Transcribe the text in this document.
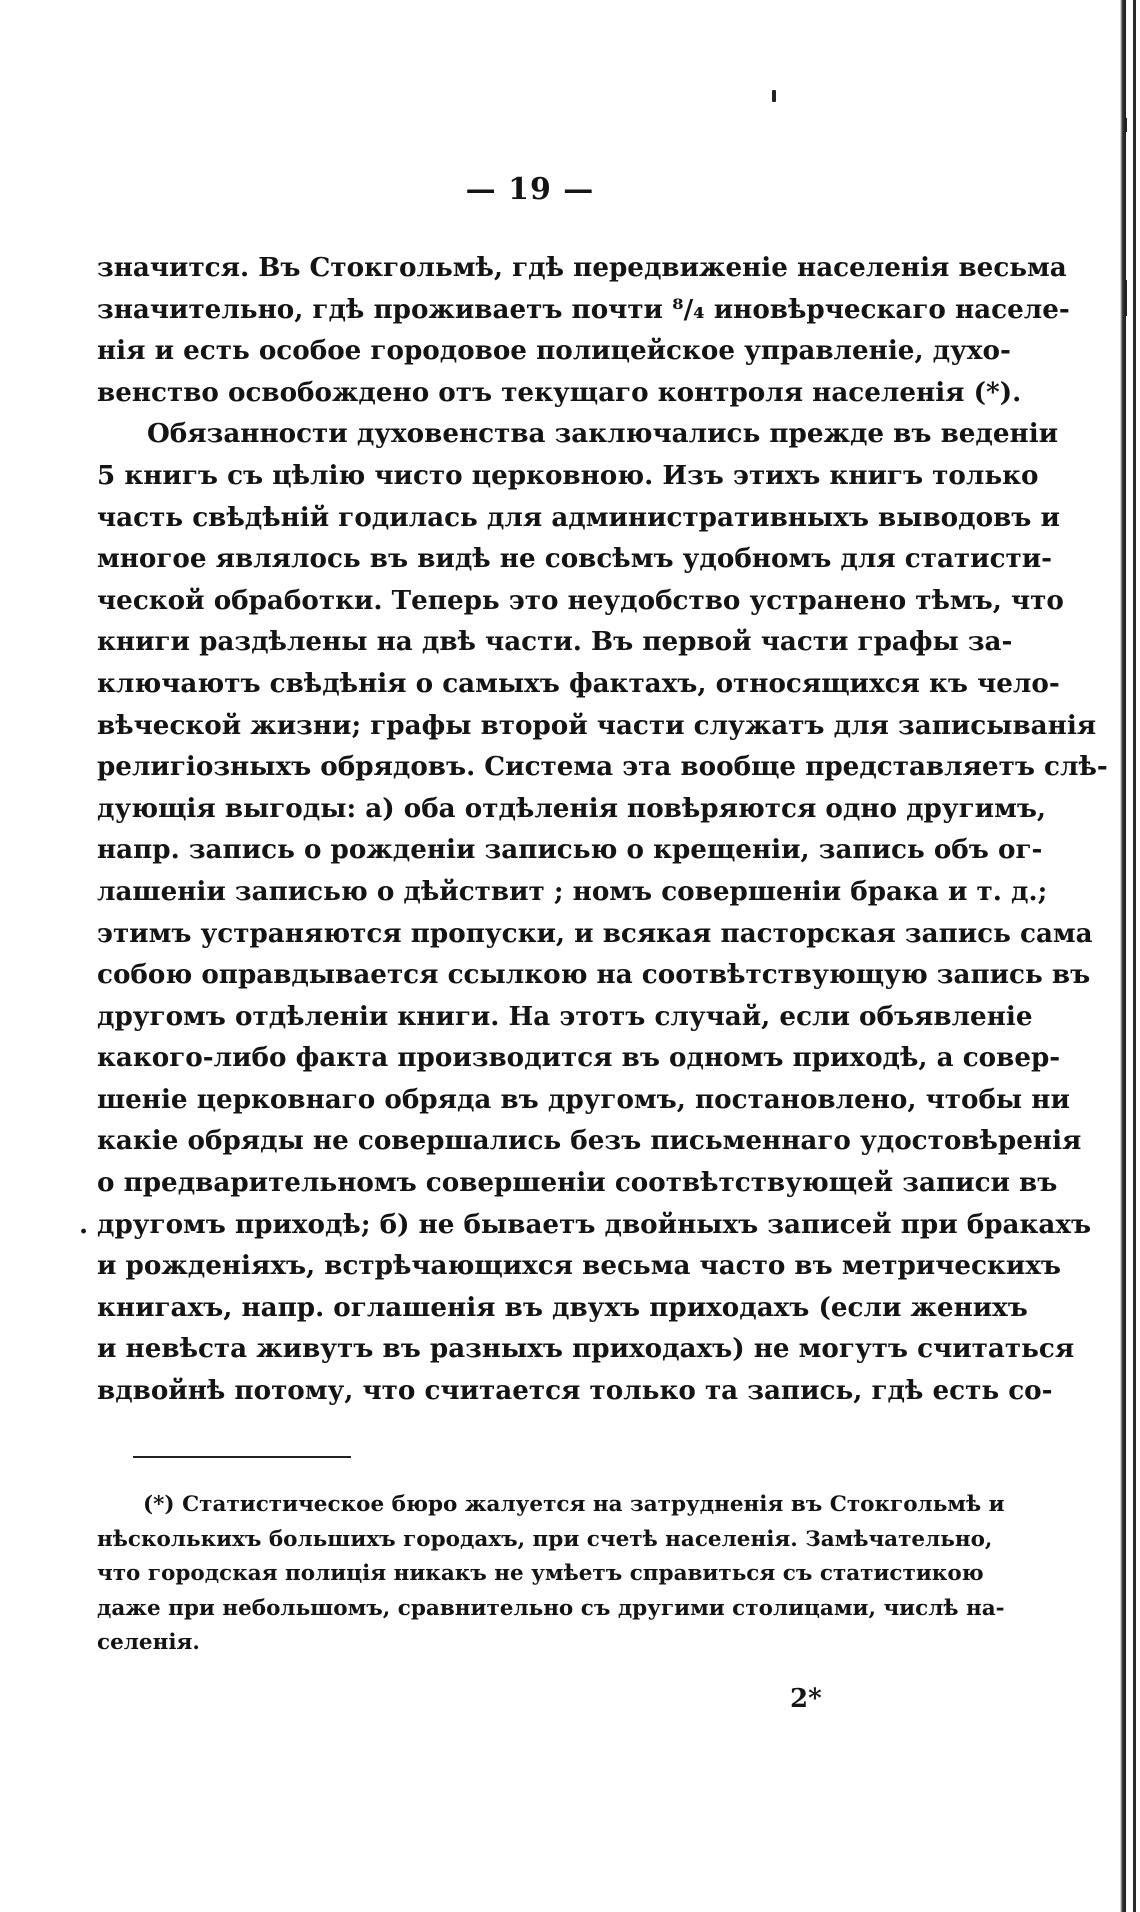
— 19 —
значится. Въ Стокгольмѣ, гдѣ передвиженіе населенія весьма
значительно, гдѣ проживаетъ почти ⁸/₄ иновѣрческаго населе-
нія и есть особое городовое полицейское управленіе, духо-
венство освобождено отъ текущаго контроля населенія (*).
Обязанности духовенства заключались прежде въ веденіи
5 книгъ съ цѣлію чисто церковною. Изъ этихъ книгъ только
часть свѣдѣній годилась для административныхъ выводовъ и
многое являлось въ видѣ не совсѣмъ удобномъ для статисти-
ческой обработки. Теперь это неудобство устранено тѣмъ, что
книги раздѣлены на двѣ части. Въ первой части графы за-
ключаютъ свѣдѣнія о самыхъ фактахъ, относящихся къ чело-
вѣческой жизни; графы второй части служатъ для записыванія
религіозныхъ обрядовъ. Система эта вообще представляетъ слѣ-
дующія выгоды: а) оба отдѣленія повѣряются одно другимъ,
напр. запись о рожденіи записью о крещеніи, запись объ ог-
лашеніи записью о дѣйствит ; номъ совершеніи брака и т. д.;
этимъ устраняются пропуски, и всякая пасторская запись сама
собою оправдывается ссылкою на соотвѣтствующую запись въ
другомъ отдѣленіи книги. На этотъ случай, если объявленіе
какого-либо факта производится въ одномъ приходѣ, а совер-
шеніе церковнаго обряда въ другомъ, постановлено, чтобы ни
какіе обряды не совершались безъ письменнаго удостовѣренія
о предварительномъ совершеніи соотвѣтствующей записи въ
. другомъ приходѣ; б) не бываетъ двойныхъ записей при бракахъ
и рожденіяхъ, встрѣчающихся весьма часто въ метрическихъ
книгахъ, напр. оглашенія въ двухъ приходахъ (если женихъ
и невѣста живутъ въ разныхъ приходахъ) не могутъ считаться
вдвойнѣ потому, что считается только та запись, гдѣ есть со-
(*) Статистическое бюро жалуется на затрудненія въ Стокгольмѣ и
нѣсколькихъ большихъ городахъ, при счетѣ населенія. Замѣчательно,
что городская полиція никакъ не умѣетъ справиться съ статистикою
даже при небольшомъ, сравнительно съ другими столицами, числѣ на-
селенія.
2*
